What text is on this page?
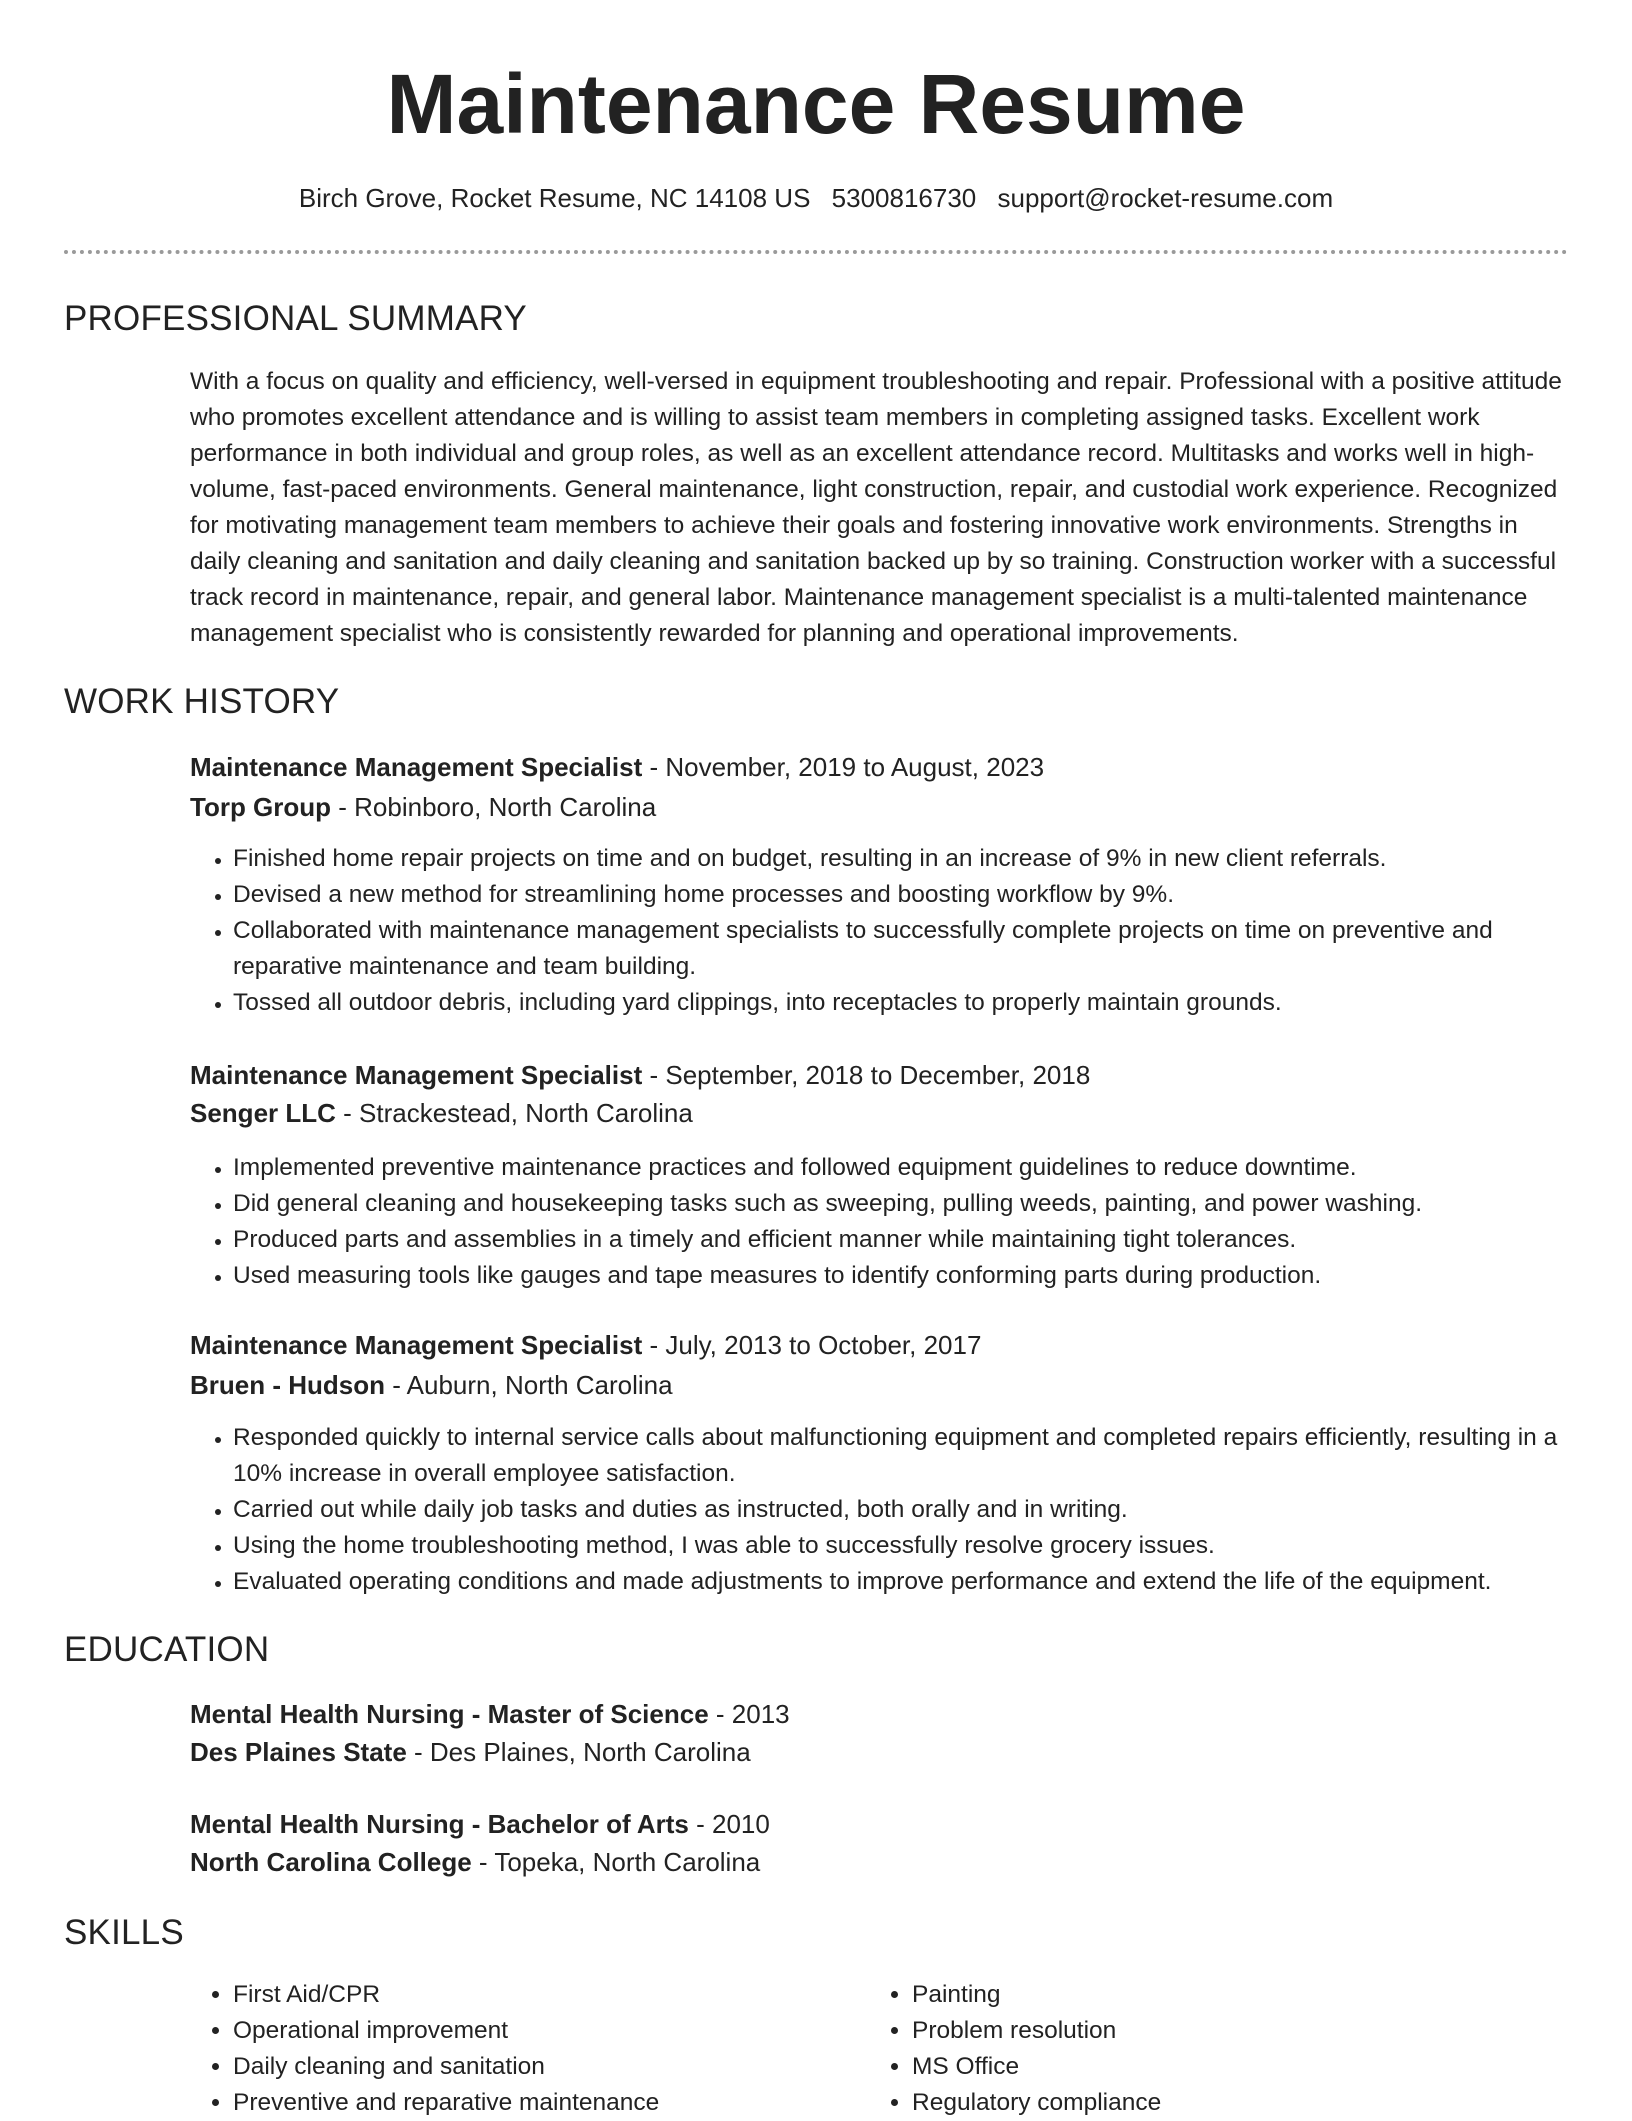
Maintenance Resume
Birch Grove, Rocket Resume, NC 14108 US 5300816730 support@rocket-resume.com
PROFESSIONAL SUMMARY

With a focus on quality and efficiency, well-versed in equipment troubleshooting and repair. Professional with a positive attitude who promotes excellent attendance and is willing to assist team members in completing assigned tasks. Excellent work performance in both individual and group roles, as well as an excellent attendance record. Multitasks and works well in high-volume, fast-paced environments. General maintenance, light construction, repair, and custodial work experience. Recognized for motivating management team members to achieve their goals and fostering innovative work environments. Strengths in daily cleaning and sanitation and daily cleaning and sanitation backed up by so training. Construction worker with a successful track record in maintenance, repair, and general labor. Maintenance management specialist is a multi-talented maintenance management specialist who is consistently rewarded for planning and operational improvements.

WORK HISTORY

Maintenance Management Specialist - November, 2019 to August, 2023

Torp Group - Robinboro, North Carolina

• Finished home repair projects on time and on budget, resulting in an increase of 9% in new client referrals.
• Devised a new method for streamlining home processes and boosting workflow by 9%.
• Collaborated with maintenance management specialists to successfully complete projects on time on preventive and reparative maintenance and team building.
• Tossed all outdoor debris, including yard clippings, into receptacles to properly maintain grounds.

Maintenance Management Specialist - September, 2018 to December, 2018

Senger LLC - Strackestead, North Carolina

• Implemented preventive maintenance practices and followed equipment guidelines to reduce downtime.
• Did general cleaning and housekeeping tasks such as sweeping, pulling weeds, painting, and power washing.
• Produced parts and assemblies in a timely and efficient manner while maintaining tight tolerances.
• Used measuring tools like gauges and tape measures to identify conforming parts during production.

Maintenance Management Specialist - July, 2013 to October, 2017

Bruen - Hudson - Auburn, North Carolina

• Responded quickly to internal service calls about malfunctioning equipment and completed repairs efficiently, resulting in a 10% increase in overall employee satisfaction.
• Carried out while daily job tasks and duties as instructed, both orally and in writing.
• Using the home troubleshooting method, I was able to successfully resolve grocery issues.
• Evaluated operating conditions and made adjustments to improve performance and extend the life of the equipment.
EDUCATION

Mental Health Nursing - Master of Science - 2013

Des Plaines State - Des Plaines, North Carolina

Mental Health Nursing - Bachelor of Arts - 2010

North Carolina College - Topeka, North Carolina

SKILLS
• First Aid/CPR
• Operational improvement
• Daily cleaning and sanitation
• Preventive and reparative maintenance
• Painting
• Problem resolution
• MS Office
• Regulatory compliance
